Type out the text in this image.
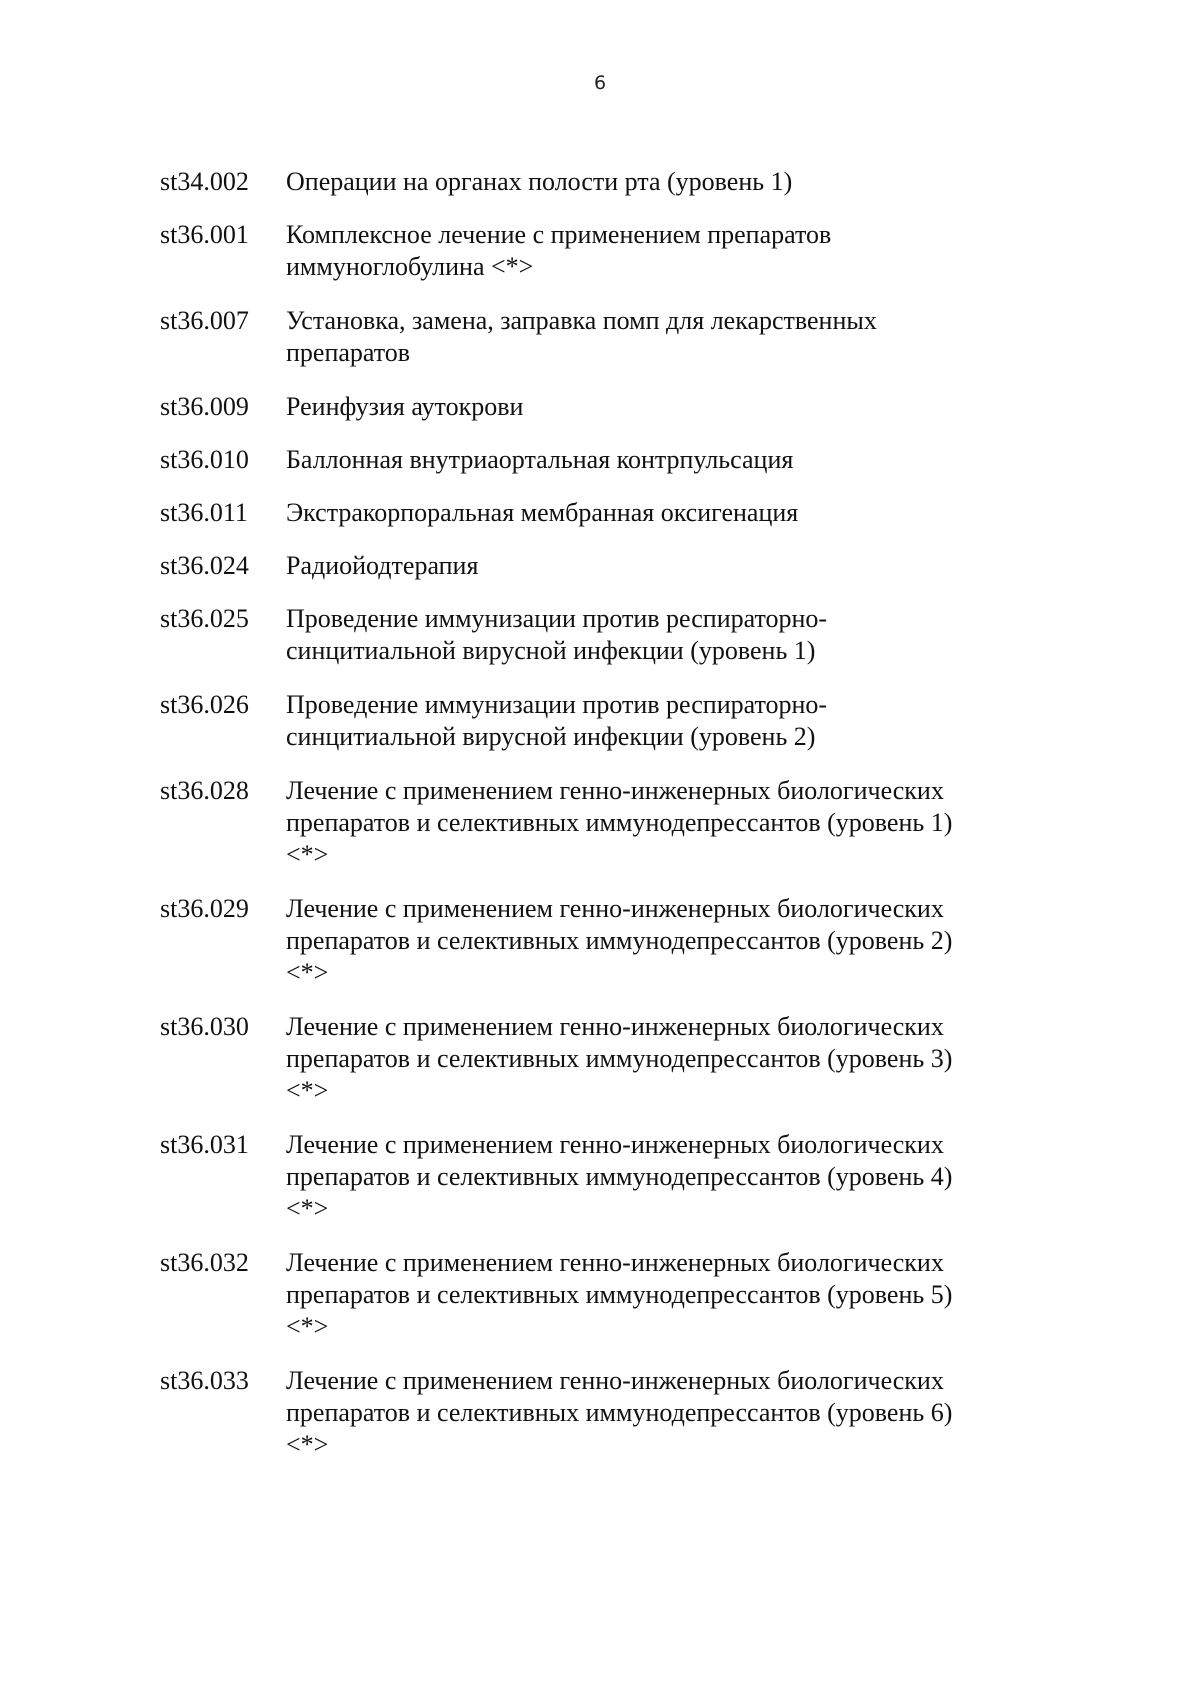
6
st34.002	Операции на органах полости рта (уровень 1)
st36.001	Комплексное лечение с применением препаратов
иммуноглобулина <*>
st36.007	Установка, замена, заправка помп для лекарственных
препаратов
st36.009	Реинфузия аутокрови
st36.010	Баллонная внутриаортальная контрпульсация
st36.011	Экстракорпоральная мембранная оксигенация
st36.024	Радиойодтерапия
st36.025	Проведение иммунизации против респираторно-
синцитиальной вирусной инфекции (уровень 1)
st36.026	Проведение иммунизации против респираторно-
синцитиальной вирусной инфекции (уровень 2)
st36.028	Лечение с применением генно-инженерных биологических
препаратов и селективных иммунодепрессантов (уровень 1)
<*>
st36.029	Лечение с применением генно-инженерных биологических
препаратов и селективных иммунодепрессантов (уровень 2)
<*>
st36.030	Лечение с применением генно-инженерных биологических
препаратов и селективных иммунодепрессантов (уровень 3)
<*>
st36.031	Лечение с применением генно-инженерных биологических
препаратов и селективных иммунодепрессантов (уровень 4)
<*>
st36.032	Лечение с применением генно-инженерных биологических
препаратов и селективных иммунодепрессантов (уровень 5)
<*>
st36.033	Лечение с применением генно-инженерных биологических
препаратов и селективных иммунодепрессантов (уровень 6)
<*>
